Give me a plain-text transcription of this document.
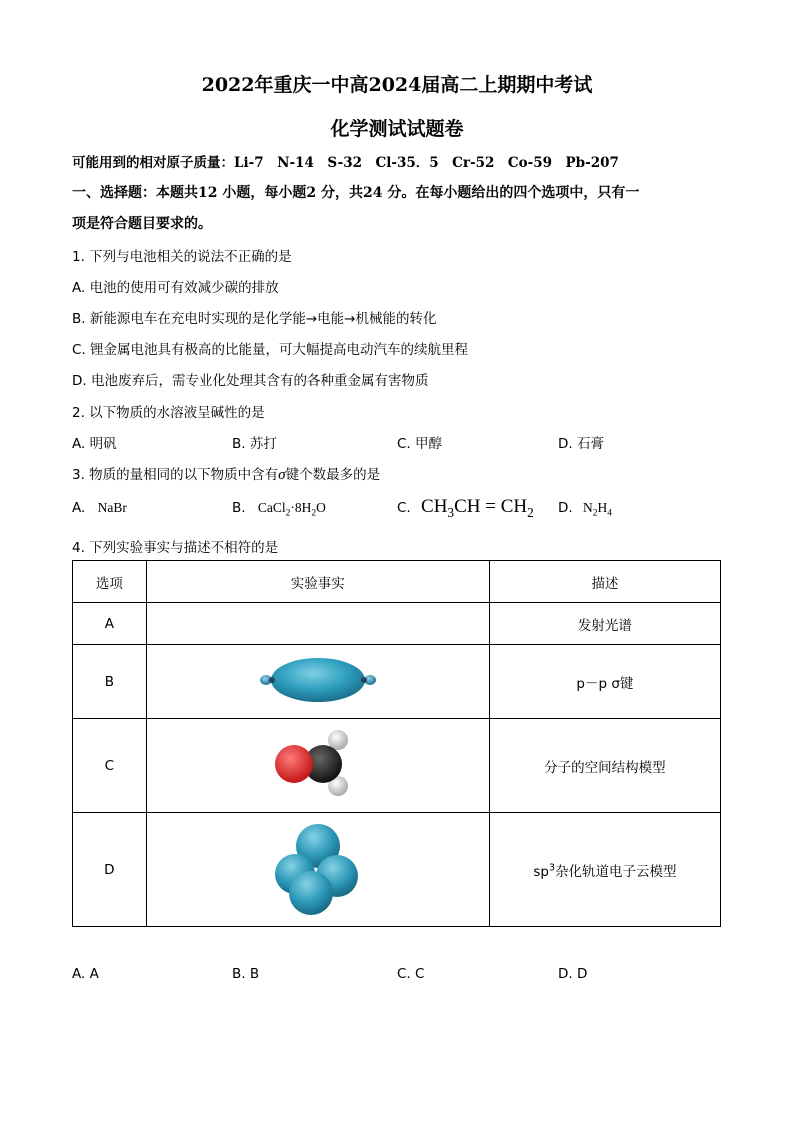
2022年重庆一中高2024届高二上期期中考试
化学测试试题卷
可能用到的相对原子质量：Li-7　N-14　S-32　Cl-35．5　Cr-52　Co-59　Pb-207
一、选择题：本题共12 小题，每小题2 分，共24 分。在每小题给出的四个选项中，只有一
项是符合题目要求的。
1. 下列与电池相关的说法不正确的是
A. 电池的使用可有效减少碳的排放
B. 新能源电车在充电时实现的是化学能→电能→机械能的转化
C. 锂金属电池具有极高的比能量，可大幅提高电动汽车的续航里程
D. 电池废弃后，需专业化处理其含有的各种重金属有害物质
2. 以下物质的水溶液呈碱性的是
A. 明矾	B. 苏打	C. 甲醇	D. 石膏
3. 物质的量相同的以下物质中含有σ键个数最多的是
A. NaBr	B. $CaCl_2\cdot 8H_2O$	C. $CH_3CH = CH_2$ D. $N_2H_4$
4. 下列实验事实与描述不相符的是
选项	实验事实	描述
A		发射光谱
B		p－p σ键
C		分子的空间结构模型
D		$sp^3$杂化轨道电子云模型
A. A	B. B	C. C	D. D
